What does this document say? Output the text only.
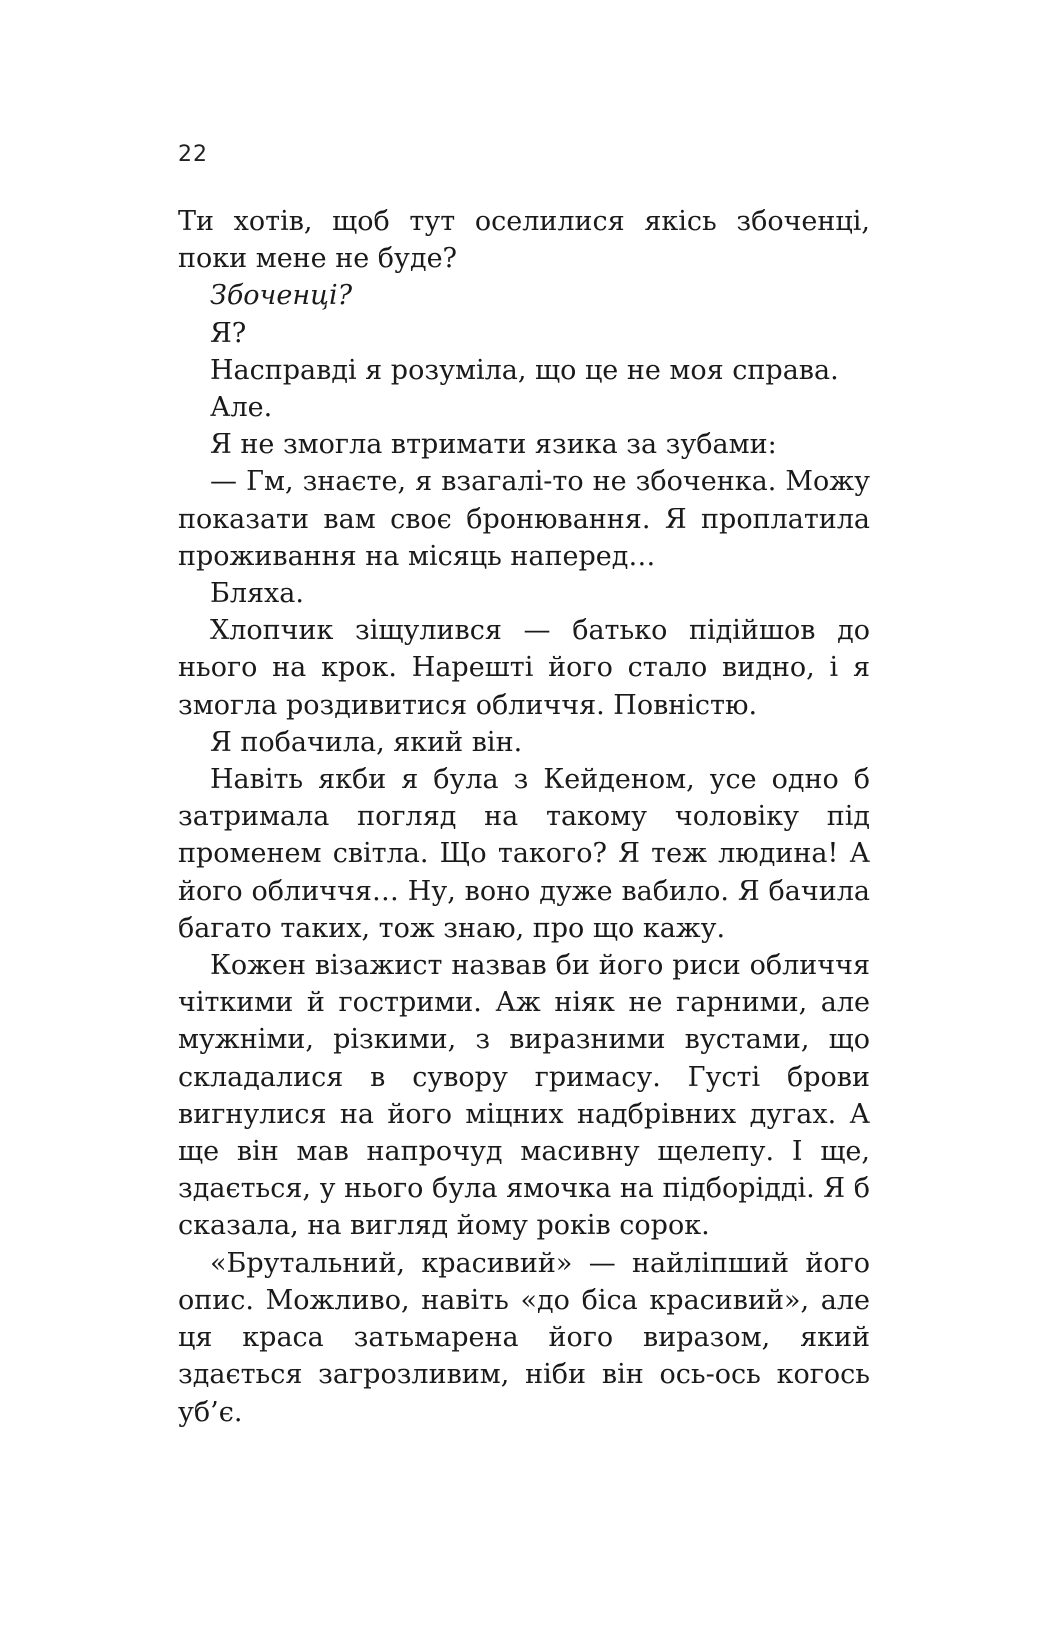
22

Ти хотів, щоб тут оселилися якісь збоченці, поки мене не буде?

Збоченці?

Я?

Насправді я розуміла, що це не моя справа.

Але.

Я не змогла втримати язика за зубами:

— Гм, знаєте, я взагалі-то не збоченка. Можу показати вам своє бронювання. Я проплатила проживання на місяць наперед…

Бляха.

Хлопчик зіщулився — батько підійшов до нього на крок. Нарешті його стало видно, і я змогла роздивитися обличчя. Повністю.

Я побачила, який він.

Навіть якби я була з Кейденом, усе одно б затримала погляд на такому чоловіку під променем світла. Що такого? Я теж людина! А його обличчя… Ну, воно дуже вабило. Я бачила багато таких, тож знаю, про що кажу.

Кожен візажист назвав би його риси обличчя чіткими й гострими. Аж ніяк не гарними, але мужніми, різкими, з виразними вустами, що складалися в сувору гримасу. Густі брови вигнулися на його міцних надбрівних дугах. А ще він мав напрочуд масивну щелепу. І ще, здається, у нього була ямочка на підборідді. Я б сказала, на вигляд йому років сорок.

«Брутальний, красивий» — найліпший його опис. Можливо, навіть «до біса красивий», але ця краса затьмарена його виразом, який здається загрозливим, ніби він ось-ось когось уб’є.
